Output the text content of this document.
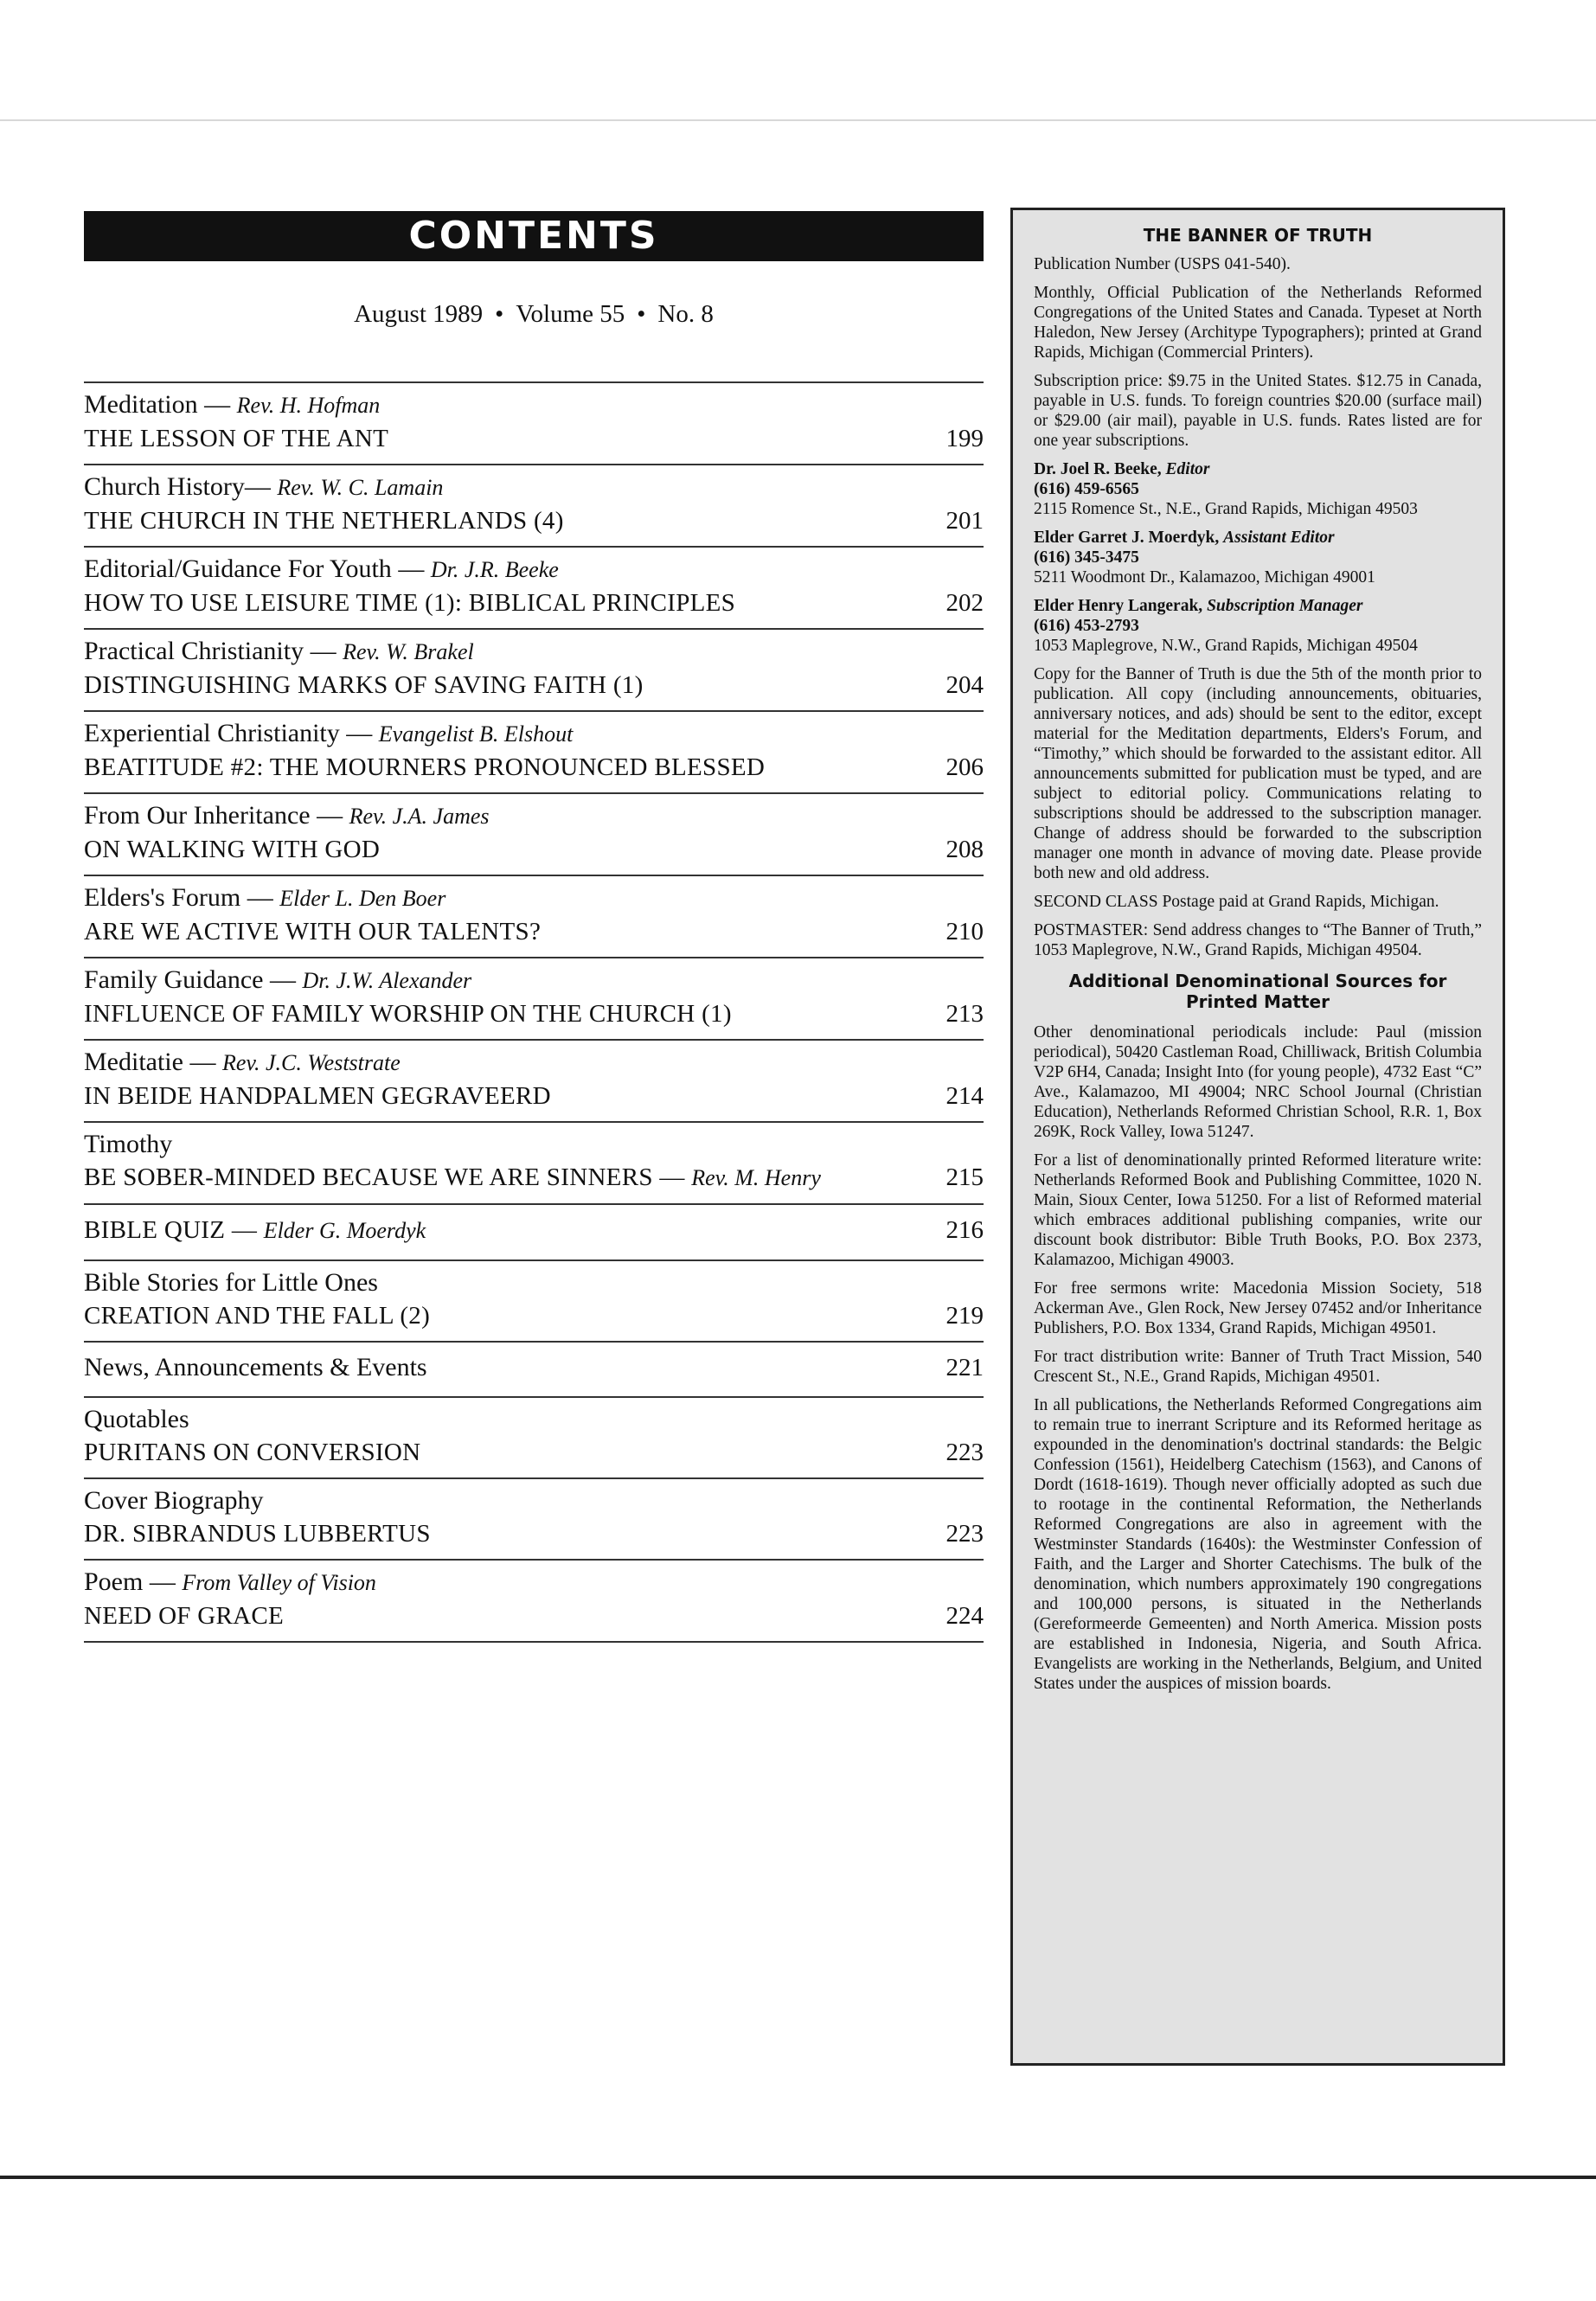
CONTENTS
August 1989 • Volume 55 • No. 8
Meditation — Rev. H. Hofman
THE LESSON OF THE ANT	199
Church History— Rev. W. C. Lamain
THE CHURCH IN THE NETHERLANDS (4)	201
Editorial/Guidance For Youth — Dr. J.R. Beeke
HOW TO USE LEISURE TIME (1): BIBLICAL PRINCIPLES	202
Practical Christianity — Rev. W. Brakel
DISTINGUISHING MARKS OF SAVING FAITH (1)	204
Experiential Christianity — Evangelist B. Elshout
BEATITUDE #2: THE MOURNERS PRONOUNCED BLESSED	206
From Our Inheritance — Rev. J.A. James
ON WALKING WITH GOD	208
Elders's Forum — Elder L. Den Boer
ARE WE ACTIVE WITH OUR TALENTS?	210
Family Guidance — Dr. J.W. Alexander
INFLUENCE OF FAMILY WORSHIP ON THE CHURCH (1)	213
Meditatie — Rev. J.C. Weststrate
IN BEIDE HANDPALMEN GEGRAVEERD	214
Timothy
BE SOBER-MINDED BECAUSE WE ARE SINNERS — Rev. M. Henry	215
BIBLE QUIZ — Elder G. Moerdyk	216
Bible Stories for Little Ones
CREATION AND THE FALL (2)	219
News, Announcements & Events	221
Quotables
PURITANS ON CONVERSION	223
Cover Biography
DR. SIBRANDUS LUBBERTUS	223
Poem — From Valley of Vision
NEED OF GRACE	224
THE BANNER OF TRUTH

Publication Number (USPS 041-540).

Monthly, Official Publication of the Netherlands Reformed Congregations of the United States and Canada. Typeset at North Haledon, New Jersey (Architype Typographers); printed at Grand Rapids, Michigan (Commercial Printers).

Subscription price: $9.75 in the United States. $12.75 in Canada, payable in U.S. funds. To foreign countries $20.00 (surface mail) or $29.00 (air mail), payable in U.S. funds. Rates listed are for one year subscriptions.

Dr. Joel R. Beeke, Editor
(616) 459-6565
2115 Romence St., N.E., Grand Rapids, Michigan 49503
Elder Garret J. Moerdyk, Assistant Editor
(616) 345-3475
5211 Woodmont Dr., Kalamazoo, Michigan 49001
Elder Henry Langerak, Subscription Manager
(616) 453-2793
1053 Maplegrove, N.W., Grand Rapids, Michigan 49504

Copy for the Banner of Truth is due the 5th of the month prior to publication. All copy (including announcements, obituaries, anniversary notices, and ads) should be sent to the editor, except material for the Meditation departments, Elders's Forum, and “Timothy,” which should be forwarded to the assistant editor. All announcements submitted for publication must be typed, and are subject to editorial policy. Communications relating to subscriptions should be addressed to the subscription manager. Change of address should be forwarded to the subscription manager one month in advance of moving date. Please provide both new and old address.

SECOND CLASS Postage paid at Grand Rapids, Michigan.

POSTMASTER: Send address changes to “The Banner of Truth,” 1053 Maplegrove, N.W., Grand Rapids, Michigan 49504.

Additional Denominational Sources for Printed Matter

Other denominational periodicals include: Paul (mission periodical), 50420 Castleman Road, Chilliwack, British Columbia V2P 6H4, Canada; Insight Into (for young people), 4732 East “C” Ave., Kalamazoo, MI 49004; NRC School Journal (Christian Education), Netherlands Reformed Christian School, R.R. 1, Box 269K, Rock Valley, Iowa 51247.

For a list of denominationally printed Reformed literature write: Netherlands Reformed Book and Publishing Committee, 1020 N. Main, Sioux Center, Iowa 51250. For a list of Reformed material which embraces additional publishing companies, write our discount book distributor: Bible Truth Books, P.O. Box 2373, Kalamazoo, Michigan 49003.

For free sermons write: Macedonia Mission Society, 518 Ackerman Ave., Glen Rock, New Jersey 07452 and/or Inheritance Publishers, P.O. Box 1334, Grand Rapids, Michigan 49501.

For tract distribution write: Banner of Truth Tract Mission, 540 Crescent St., N.E., Grand Rapids, Michigan 49501.

In all publications, the Netherlands Reformed Congregations aim to remain true to inerrant Scripture and its Reformed heritage as expounded in the denomination's doctrinal standards: the Belgic Confession (1561), Heidelberg Catechism (1563), and Canons of Dordt (1618-1619). Though never officially adopted as such due to rootage in the continental Reformation, the Netherlands Reformed Congregations are also in agreement with the Westminster Standards (1640s): the Westminster Confession of Faith, and the Larger and Shorter Catechisms. The bulk of the denomination, which numbers approximately 190 congregations and 100,000 persons, is situated in the Netherlands (Gereformeerde Gemeenten) and North America. Mission posts are established in Indonesia, Nigeria, and South Africa. Evangelists are working in the Netherlands, Belgium, and United States under the auspices of mission boards.
